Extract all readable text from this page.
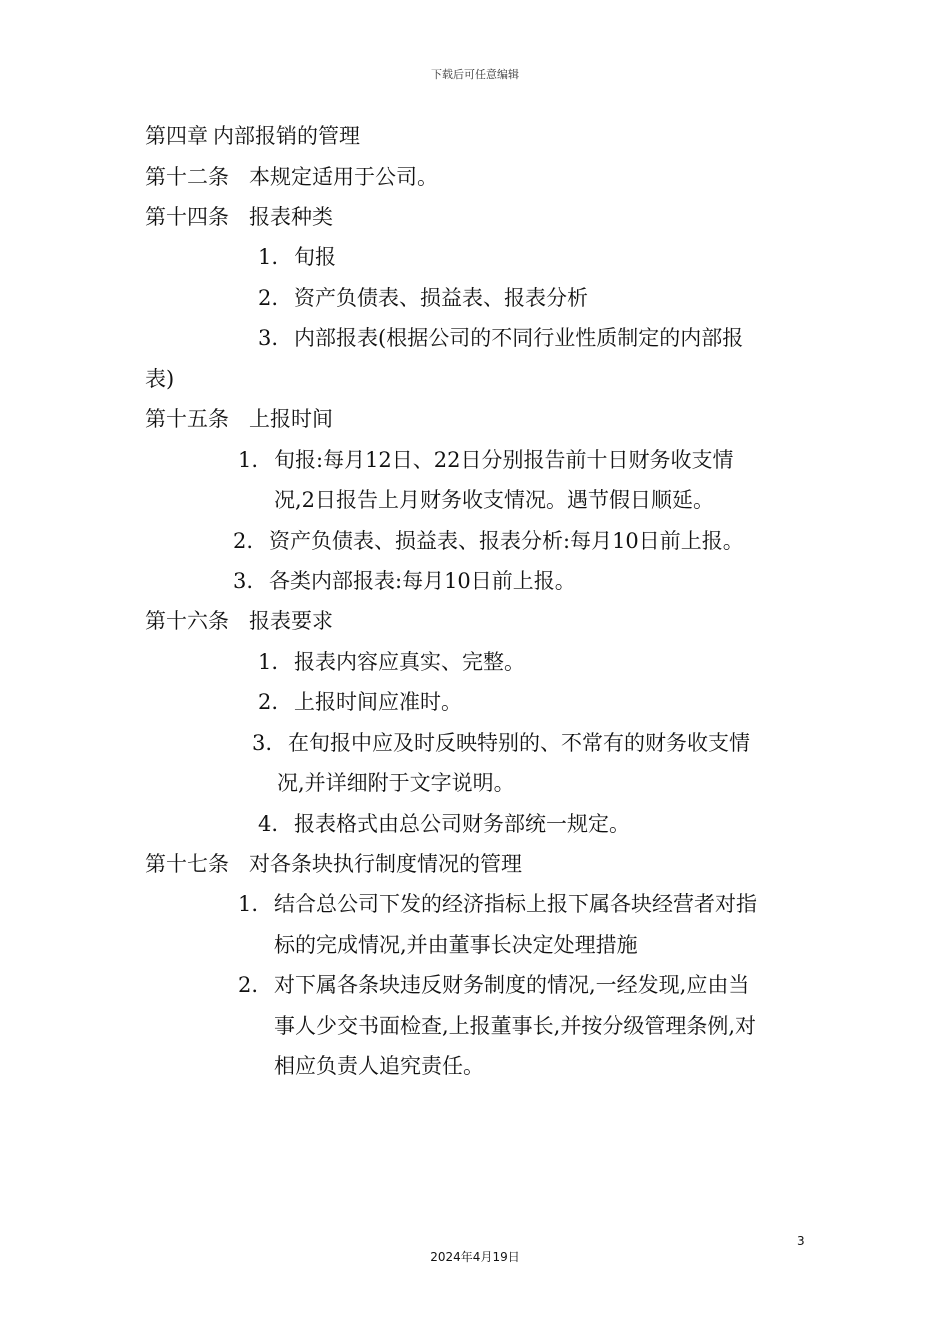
下载后可任意编辑
第四章 内部报销的管理
第十二条 本规定适用于公司。
第十四条 报表种类
1. 旬报
2. 资产负债表、损益表、报表分析
3. 内部报表(根据公司的不同行业性质制定的内部报
表)
第十五条 上报时间
1. 旬报:每月12日、22日分别报告前十日财务收支情
况,2日报告上月财务收支情况。遇节假日顺延。
2. 资产负债表、损益表、报表分析:每月10日前上报。
3. 各类内部报表:每月10日前上报。
第十六条 报表要求
1. 报表内容应真实、完整。
2. 上报时间应准时。
3. 在旬报中应及时反映特别的、不常有的财务收支情
况,并详细附于文字说明。
4. 报表格式由总公司财务部统一规定。
第十七条 对各条块执行制度情况的管理
1. 结合总公司下发的经济指标上报下属各块经营者对指
标的完成情况,并由董事长决定处理措施
2. 对下属各条块违反财务制度的情况,一经发现,应由当
事人少交书面检查,上报董事长,并按分级管理条例,对
相应负责人追究责任。
3
2024年4月19日
